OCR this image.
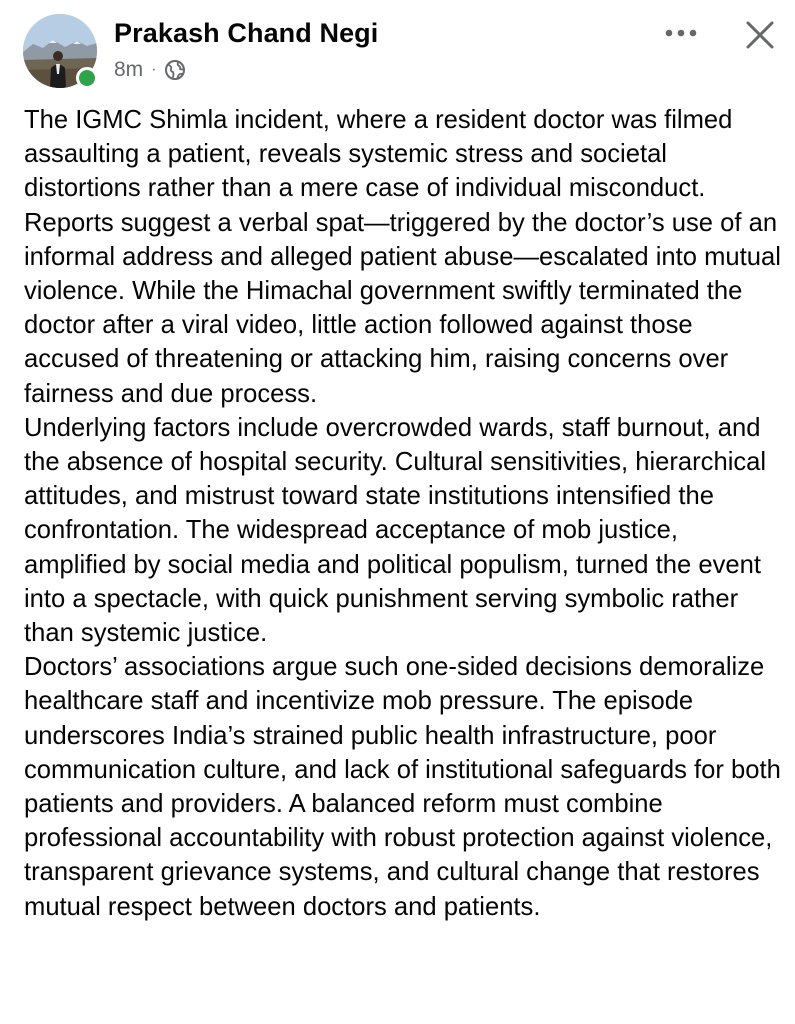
Prakash Chand Negi
8m ·

The IGMC Shimla incident, where a resident doctor was filmed assaulting a patient, reveals systemic stress and societal distortions rather than a mere case of individual misconduct. Reports suggest a verbal spat—triggered by the doctor’s use of an informal address and alleged patient abuse—escalated into mutual violence. While the Himachal government swiftly terminated the doctor after a viral video, little action followed against those accused of threatening or attacking him, raising concerns over fairness and due process.

Underlying factors include overcrowded wards, staff burnout, and the absence of hospital security. Cultural sensitivities, hierarchical attitudes, and mistrust toward state institutions intensified the confrontation. The widespread acceptance of mob justice, amplified by social media and political populism, turned the event into a spectacle, with quick punishment serving symbolic rather than systemic justice.

Doctors’ associations argue such one-sided decisions demoralize healthcare staff and incentivize mob pressure. The episode underscores India’s strained public health infrastructure, poor communication culture, and lack of institutional safeguards for both patients and providers. A balanced reform must combine professional accountability with robust protection against violence, transparent grievance systems, and cultural change that restores mutual respect between doctors and patients.
